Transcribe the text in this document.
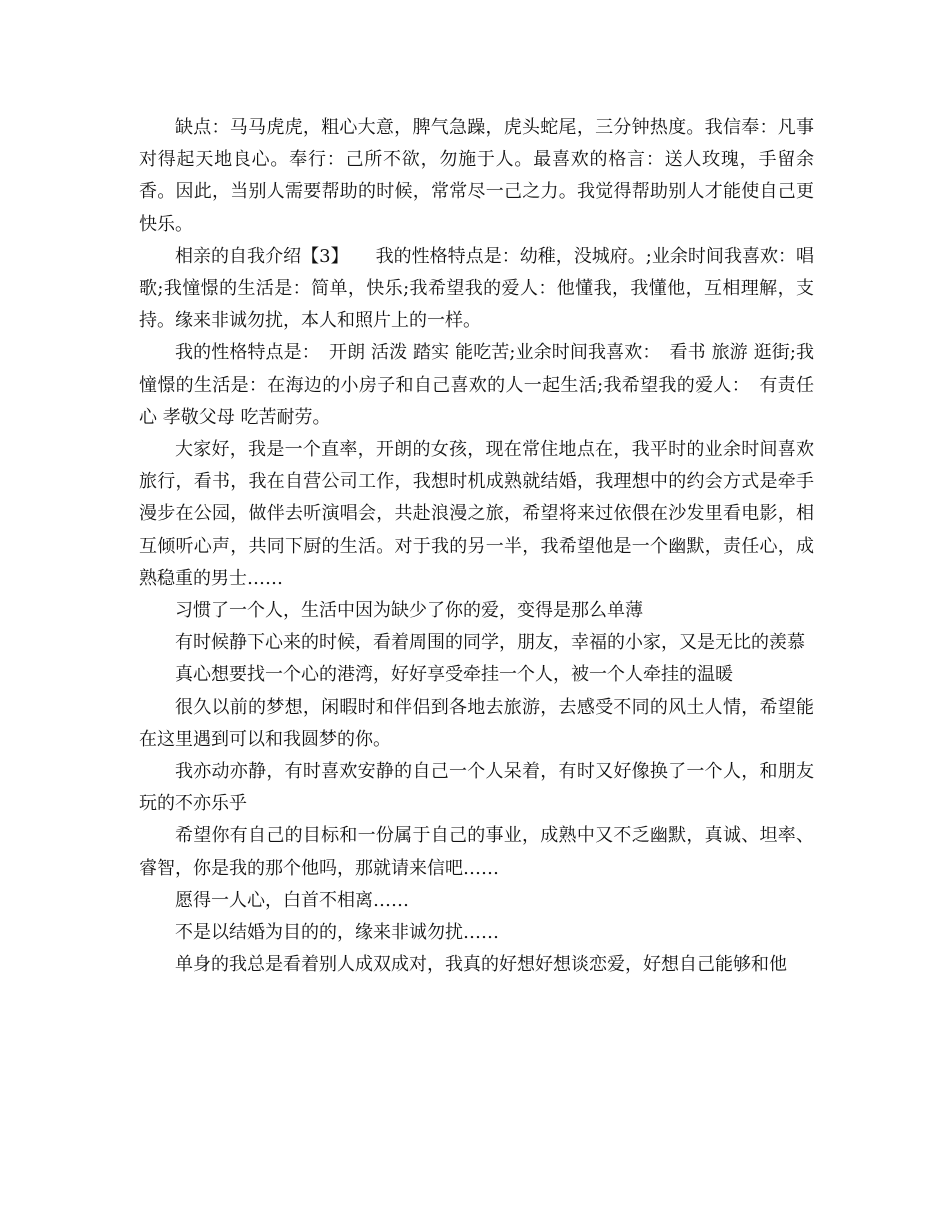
缺点：马马虎虎，粗心大意，脾气急躁，虎头蛇尾，三分钟热度。我信奉：凡事对得起天地良心。奉行：己所不欲，勿施于人。最喜欢的格言：送人玫瑰，手留余香。因此，当别人需要帮助的时候，常常尽一己之力。我觉得帮助别人才能使自己更快乐。

相亲的自我介绍【3】　　我的性格特点是：幼稚，没城府。;业余时间我喜欢：唱歌;我憧憬的生活是：简单，快乐;我希望我的爱人：他懂我，我懂他，互相理解，支持。缘来非诚勿扰，本人和照片上的一样。

我的性格特点是：　开朗 活泼 踏实 能吃苦;业余时间我喜欢：　看书 旅游 逛街;我憧憬的生活是：在海边的小房子和自己喜欢的人一起生活;我希望我的爱人：　有责任心 孝敬父母 吃苦耐劳。

大家好，我是一个直率，开朗的女孩，现在常住地点在，我平时的业余时间喜欢旅行，看书，我在自营公司工作，我想时机成熟就结婚，我理想中的约会方式是牵手漫步在公园，做伴去听演唱会，共赴浪漫之旅，希望将来过依偎在沙发里看电影，相互倾听心声，共同下厨的生活。对于我的另一半，我希望他是一个幽默，责任心，成熟稳重的男士……

习惯了一个人，生活中因为缺少了你的爱，变得是那么单薄

有时候静下心来的时候，看着周围的同学，朋友，幸福的小家，又是无比的羡慕

真心想要找一个心的港湾，好好享受牵挂一个人，被一个人牵挂的温暖

很久以前的梦想，闲暇时和伴侣到各地去旅游，去感受不同的风土人情，希望能在这里遇到可以和我圆梦的你。

我亦动亦静，有时喜欢安静的自己一个人呆着，有时又好像换了一个人，和朋友玩的不亦乐乎

希望你有自己的目标和一份属于自己的事业，成熟中又不乏幽默，真诚、坦率、睿智，你是我的那个他吗，那就请来信吧……

愿得一人心，白首不相离……

不是以结婚为目的的，缘来非诚勿扰……

单身的我总是看着别人成双成对，我真的好想好想谈恋爱，好想自己能够和他
